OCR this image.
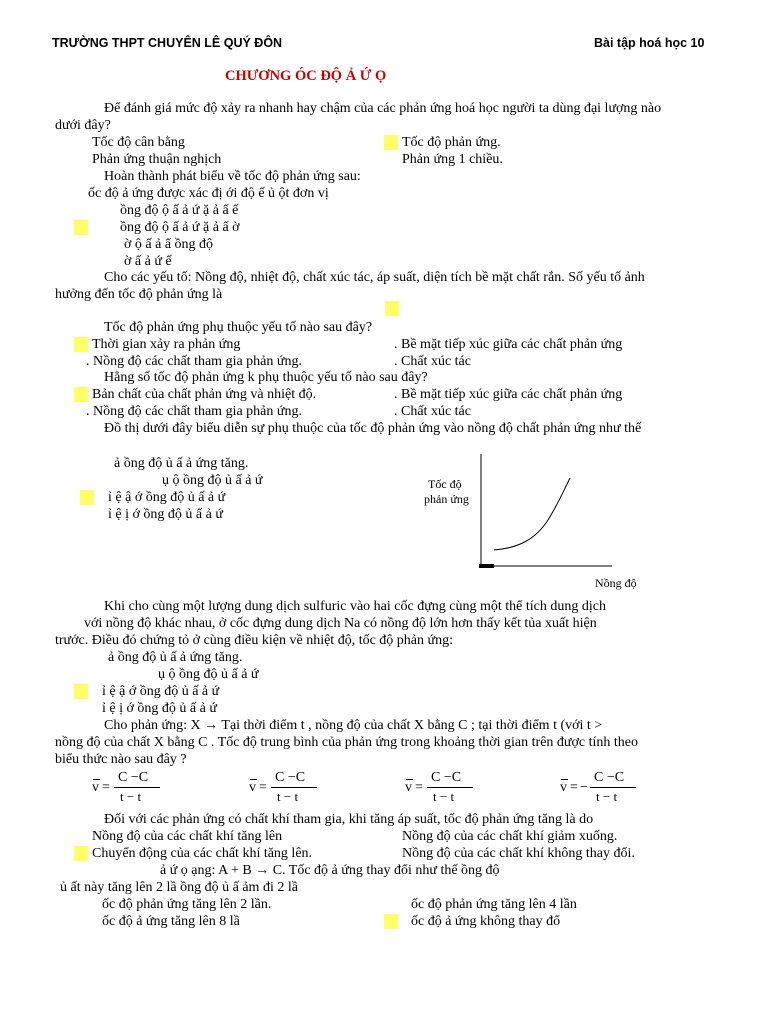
TRƯỜNG THPT CHUYÊN LÊ QUÝ ĐÔN	Bài tập hoá học 10
CHƯƠNG ÓC ĐỘ Ả Ứ Ọ
Để đánh giá mức độ xảy ra nhanh hay chậm của các phản ứng hoá học người ta dùng đại lượng nào
dưới đây?
Tốc độ cân bằng	Tốc độ phản ứng.
Phản ứng thuận nghịch	Phản ứng 1 chiều.
Hoàn thành phát biểu về tốc độ phản ứng sau:
ốc độ ả ứng được xác đị ới độ ế ủ ột đơn vị
ồng độ ộ ấ ả ứ ặ ả ẩ ế
ồng độ ộ ấ ả ứ ặ ả ẩ ờ
ờ ộ ấ ả ẩ ồng độ
ờ ấ ả ứ ế
Cho các yếu tố: Nồng độ, nhiệt độ, chất xúc tác, áp suất, diện tích bề mặt chất rắn. Số yếu tố ảnh
hưởng đến tốc độ phản ứng là
Tốc độ phản ứng phụ thuộc yếu tố nào sau đây?
Thời gian xảy ra phản ứng	. Bề mặt tiếp xúc giữa các chất phản ứng
. Nồng độ các chất tham gia phản ứng.	. Chất xúc tác
Hằng số tốc độ phản ứng k phụ thuộc yếu tố nào sau đây?
Bản chất của chất phản ứng và nhiệt độ.	. Bề mặt tiếp xúc giữa các chất phản ứng
. Nồng độ các chất tham gia phản ứng.	. Chất xúc tác
Đồ thị dưới đây biểu diễn sự phụ thuộc của tốc độ phản ứng vào nồng độ chất phản ứng như thế
ả ồng độ ủ ấ ả ứng tăng.
ụ ộ ồng độ ủ ấ ả ứ
ỉ ệ ậ ớ ồng độ ủ ấ ả ứ
ỉ ệ ị ớ ồng độ ủ ấ ả ứ
Tốc độ
phản ứng
Nồng độ
Khi cho cùng một lượng dung dịch sulfuric vào hai cốc đựng cùng một thể tích dung dịch
với nồng độ khác nhau, ở cốc đựng dung dịch Na có nồng độ lớn hơn thấy kết tủa xuất hiện
trước. Điều đó chứng tỏ ở cùng điều kiện về nhiệt độ, tốc độ phản ứng:
ả ồng độ ủ ấ ả ứng tăng.
ụ ộ ồng độ ủ ấ ả ứ
ỉ ệ ậ ớ ồng độ ủ ấ ả ứ
ỉ ệ ị ớ ồng độ ủ ấ ả ứ
Cho phản ứng: X → Tại thời điểm t , nồng độ của chất X bằng C ; tại thời điểm t (với t >
nồng độ của chất X bằng C . Tốc độ trung bình của phản ứng trong khoảng thời gian trên được tính theo
biểu thức nào sau đây ?
v =
C −C
t − t
v =
C −C
t − t
v =
C −C
t − t
v = −
C −C
t − t
Đối với các phản ứng có chất khí tham gia, khi tăng áp suất, tốc độ phản ứng tăng là do
Nồng độ của các chất khí tăng lên	Nồng độ của các chất khí giảm xuống.
Chuyển động của các chất khí tăng lên.	Nồng độ của các chất khí không thay đổi.
ả ứ ọ ạng: A + B → C. Tốc độ ả ứng thay đổi như thế ồng độ
ủ ất này tăng lên 2 lầ ồng độ ủ ấ ảm đi 2 lầ
ốc độ phản ứng tăng lên 2 lần.	ốc độ phản ứng tăng lên 4 lần
ốc độ ả ứng tăng lên 8 lầ	ốc độ ả ứng không thay đổ
